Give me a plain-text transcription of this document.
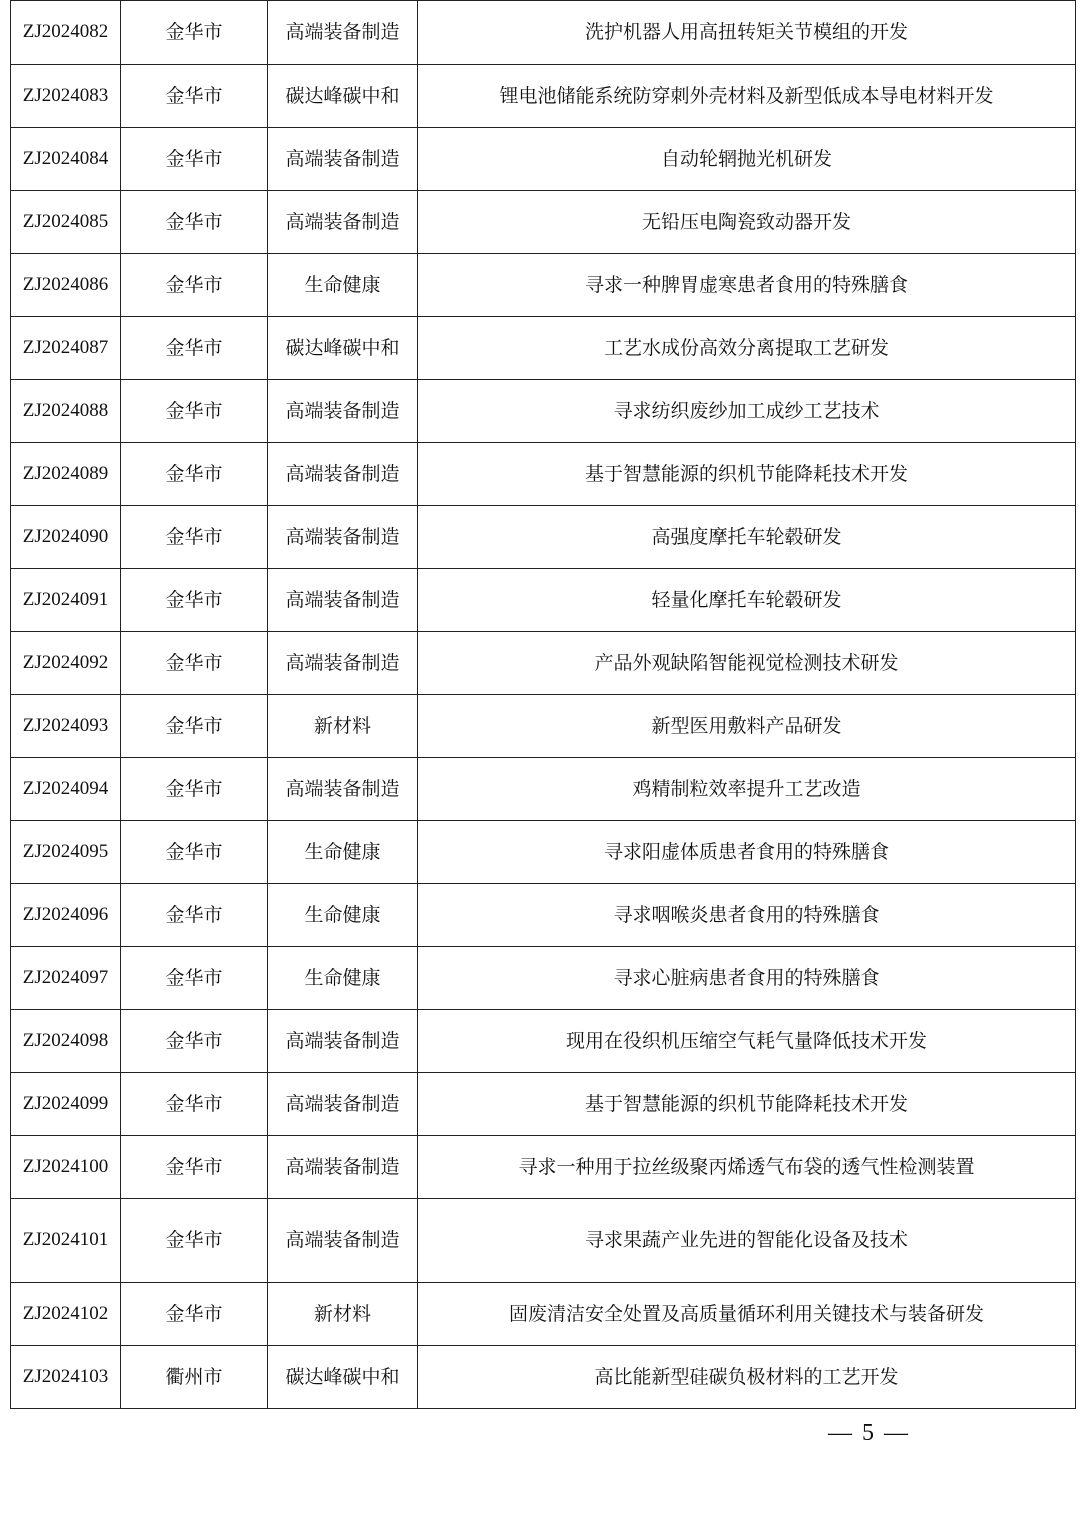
ZJ2024082	金华市	高端装备制造	洗护机器人用高扭转矩关节模组的开发
ZJ2024083	金华市	碳达峰碳中和	锂电池储能系统防穿刺外壳材料及新型低成本导电材料开发
ZJ2024084	金华市	高端装备制造	自动轮辋抛光机研发
ZJ2024085	金华市	高端装备制造	无铅压电陶瓷致动器开发
ZJ2024086	金华市	生命健康	寻求一种脾胃虚寒患者食用的特殊膳食
ZJ2024087	金华市	碳达峰碳中和	工艺水成份高效分离提取工艺研发
ZJ2024088	金华市	高端装备制造	寻求纺织废纱加工成纱工艺技术
ZJ2024089	金华市	高端装备制造	基于智慧能源的织机节能降耗技术开发
ZJ2024090	金华市	高端装备制造	高强度摩托车轮毂研发
ZJ2024091	金华市	高端装备制造	轻量化摩托车轮毂研发
ZJ2024092	金华市	高端装备制造	产品外观缺陷智能视觉检测技术研发
ZJ2024093	金华市	新材料	新型医用敷料产品研发
ZJ2024094	金华市	高端装备制造	鸡精制粒效率提升工艺改造
ZJ2024095	金华市	生命健康	寻求阳虚体质患者食用的特殊膳食
ZJ2024096	金华市	生命健康	寻求咽喉炎患者食用的特殊膳食
ZJ2024097	金华市	生命健康	寻求心脏病患者食用的特殊膳食
ZJ2024098	金华市	高端装备制造	现用在役织机压缩空气耗气量降低技术开发
ZJ2024099	金华市	高端装备制造	基于智慧能源的织机节能降耗技术开发
ZJ2024100	金华市	高端装备制造	寻求一种用于拉丝级聚丙烯透气布袋的透气性检测装置
ZJ2024101	金华市	高端装备制造	寻求果蔬产业先进的智能化设备及技术
ZJ2024102	金华市	新材料	固废清洁安全处置及高质量循环利用关键技术与装备研发
ZJ2024103	衢州市	碳达峰碳中和	高比能新型硅碳负极材料的工艺开发
— 5 —
